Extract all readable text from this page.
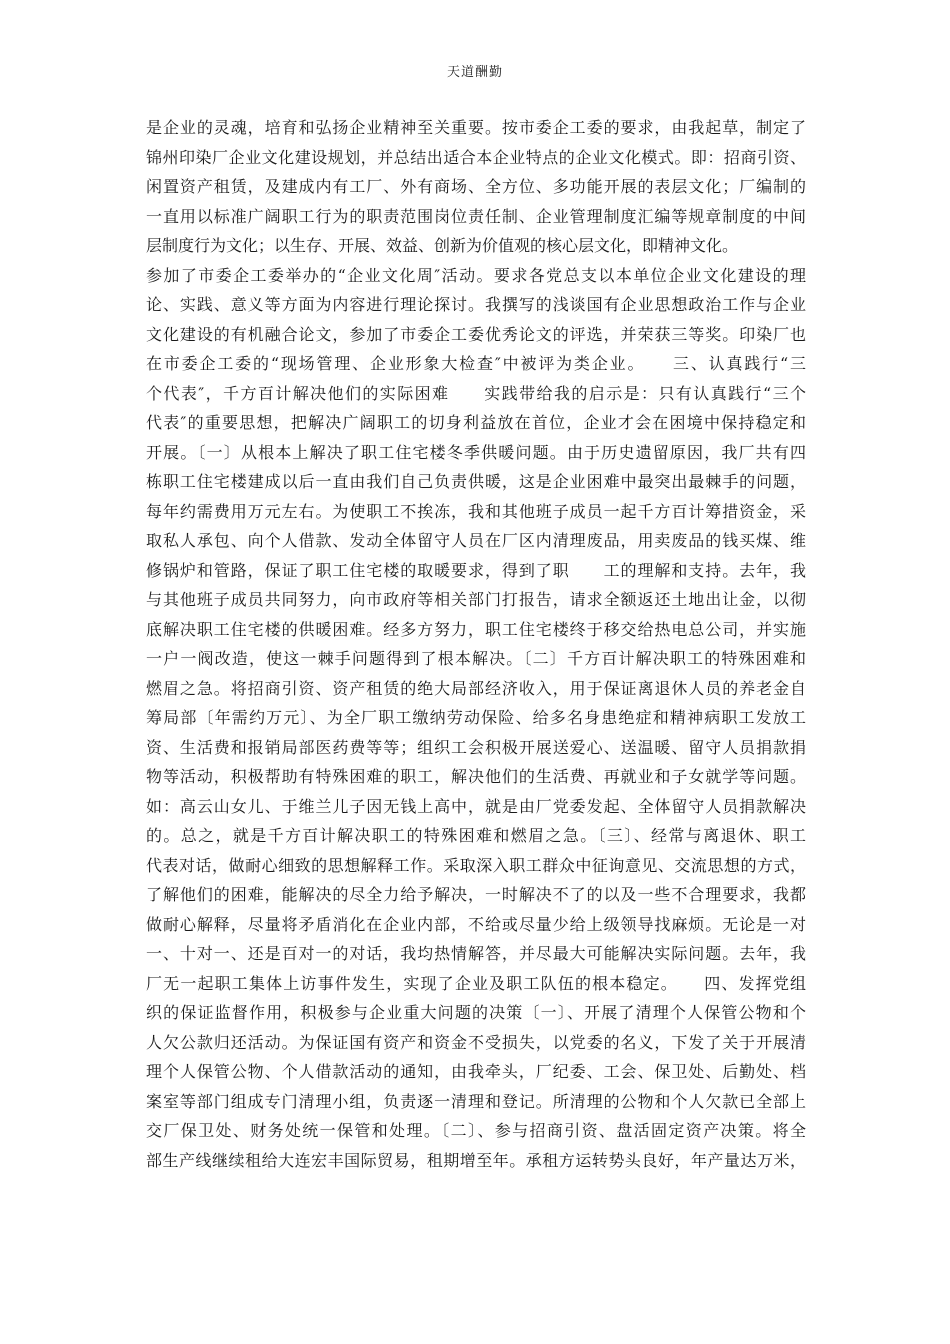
天道酬勤
是企业的灵魂，培育和弘扬企业精神至关重要。按市委企工委的要求，由我起草，制定了
锦州印染厂企业文化建设规划，并总结出适合本企业特点的企业文化模式。即：招商引资、
闲置资产租赁，及建成内有工厂、外有商场、全方位、多功能开展的表层文化；厂编制的
一直用以标准广阔职工行为的职责范围岗位责任制、企业管理制度汇编等规章制度的中间
层制度行为文化；以生存、开展、效益、创新为价值观的核心层文化，即精神文化。
参加了市委企工委举办的“企业文化周″活动。要求各党总支以本单位企业文化建设的理
论、实践、意义等方面为内容进行理论探讨。我撰写的浅谈国有企业思想政治工作与企业
文化建设的有机融合论文，参加了市委企工委优秀论文的评选，并荣获三等奖。印染厂也
在市委企工委的“现场管理、企业形象大检查″中被评为类企业。　　三、认真践行“三
个代表″，千方百计解决他们的实际困难　　实践带给我的启示是：只有认真践行“三个
代表″的重要思想，把解决广阔职工的切身利益放在首位，企业才会在困境中保持稳定和
开展。〔一〕从根本上解决了职工住宅楼冬季供暖问题。由于历史遗留原因，我厂共有四
栋职工住宅楼建成以后一直由我们自己负责供暖，这是企业困难中最突出最棘手的问题，
每年约需费用万元左右。为使职工不挨冻，我和其他班子成员一起千方百计筹措资金，采
取私人承包、向个人借款、发动全体留守人员在厂区内清理废品，用卖废品的钱买煤、维
修锅炉和管路，保证了职工住宅楼的取暖要求，得到了职　　工的理解和支持。去年，我
与其他班子成员共同努力，向市政府等相关部门打报告，请求全额返还土地出让金，以彻
底解决职工住宅楼的供暖困难。经多方努力，职工住宅楼终于移交给热电总公司，并实施
一户一阀改造，使这一棘手问题得到了根本解决。〔二〕千方百计解决职工的特殊困难和
燃眉之急。将招商引资、资产租赁的绝大局部经济收入，用于保证离退休人员的养老金自
筹局部〔年需约万元〕、为全厂职工缴纳劳动保险、给多名身患绝症和精神病职工发放工
资、生活费和报销局部医药费等等；组织工会积极开展送爱心、送温暖、留守人员捐款捐
物等活动，积极帮助有特殊困难的职工，解决他们的生活费、再就业和子女就学等问题。
如：高云山女儿、于维兰儿子因无钱上高中，就是由厂党委发起、全体留守人员捐款解决
的。总之，就是千方百计解决职工的特殊困难和燃眉之急。〔三〕、经常与离退休、职工
代表对话，做耐心细致的思想解释工作。采取深入职工群众中征询意见、交流思想的方式，
了解他们的困难，能解决的尽全力给予解决，一时解决不了的以及一些不合理要求，我都
做耐心解释，尽量将矛盾消化在企业内部，不给或尽量少给上级领导找麻烦。无论是一对
一、十对一、还是百对一的对话，我均热情解答，并尽最大可能解决实际问题。去年，我
厂无一起职工集体上访事件发生，实现了企业及职工队伍的根本稳定。　　四、发挥党组
织的保证监督作用，积极参与企业重大问题的决策〔一〕、开展了清理个人保管公物和个
人欠公款归还活动。为保证国有资产和资金不受损失，以党委的名义，下发了关于开展清
理个人保管公物、个人借款活动的通知，由我牵头，厂纪委、工会、保卫处、后勤处、档
案室等部门组成专门清理小组，负责逐一清理和登记。所清理的公物和个人欠款已全部上
交厂保卫处、财务处统一保管和处理。〔二〕、参与招商引资、盘活固定资产决策。将全
部生产线继续租给大连宏丰国际贸易，租期增至年。承租方运转势头良好，年产量达万米，
